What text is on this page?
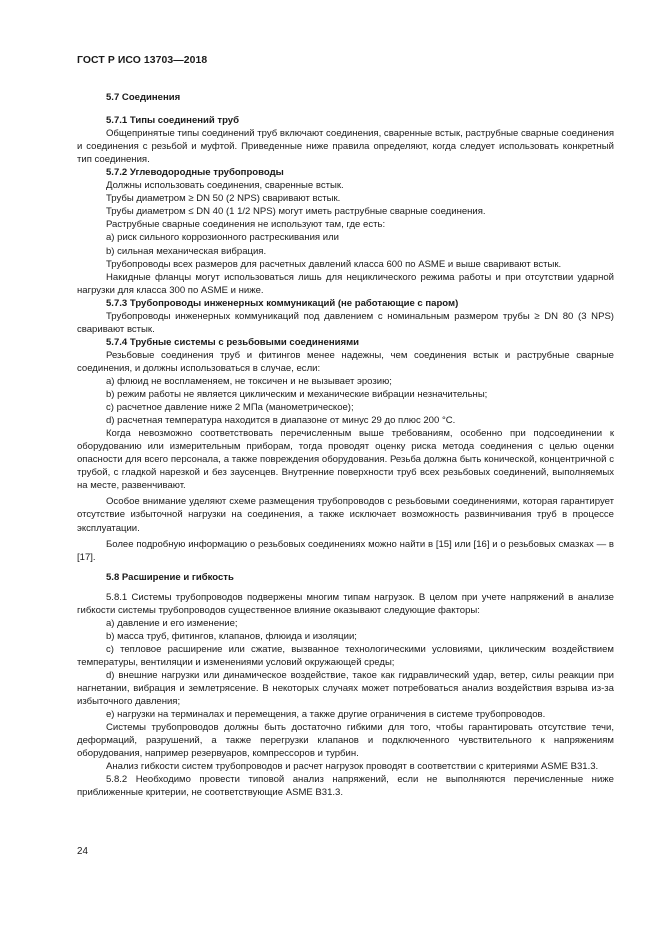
ГОСТ Р ИСО 13703—2018

5.7 Соединения

5.7.1 Типы соединений труб

Общепринятые типы соединений труб включают соединения, сваренные встык, раструбные сварные соединения и соединения с резьбой и муфтой. Приведенные ниже правила определяют, когда следует использовать конкретный тип соединения.

5.7.2 Углеводородные трубопроводы

Должны использовать соединения, сваренные встык.

Трубы диаметром ≥ DN 50 (2 NPS) сваривают встык.

Трубы диаметром ≤ DN 40 (1 1/2 NPS) могут иметь раструбные сварные соединения.

Раструбные сварные соединения не используют там, где есть:

a) риск сильного коррозионного растрескивания или

b) сильная механическая вибрация.

Трубопроводы всех размеров для расчетных давлений класса 600 по ASME и выше сваривают встык.

Накидные фланцы могут использоваться лишь для нециклического режима работы и при отсутствии ударной нагрузки для класса 300 по ASME и ниже.

5.7.3 Трубопроводы инженерных коммуникаций (не работающие с паром)

Трубопроводы инженерных коммуникаций под давлением с номинальным размером трубы ≥ DN 80 (3 NPS) сваривают встык.

5.7.4 Трубные системы с резьбовыми соединениями

Резьбовые соединения труб и фитингов менее надежны, чем соединения встык и раструбные сварные соединения, и должны использоваться в случае, если:

a) флюид не воспламеняем, не токсичен и не вызывает эрозию;

b) режим работы не является циклическим и механические вибрации незначительны;

c) расчетное давление ниже 2 МПа (манометрическое);

d) расчетная температура находится в диапазоне от минус 29 до плюс 200 °C.

Когда невозможно соответствовать перечисленным выше требованиям, особенно при подсоединении к оборудованию или измерительным приборам, тогда проводят оценку риска метода соединения с целью оценки опасности для всего персонала, а также повреждения оборудования. Резьба должна быть конической, концентричной с трубой, с гладкой нарезкой и без заусенцев. Внутренние поверхности труб всех резьбовых соединений, выполняемых на месте, развенчивают.

Особое внимание уделяют схеме размещения трубопроводов с резьбовыми соединениями, которая гарантирует отсутствие избыточной нагрузки на соединения, а также исключает возможность развинчивания труб в процессе эксплуатации.

Более подробную информацию о резьбовых соединениях можно найти в [15] или [16] и о резьбовых смазках — в [17].

5.8 Расширение и гибкость

5.8.1 Системы трубопроводов подвержены многим типам нагрузок. В целом при учете напряжений в анализе гибкости системы трубопроводов существенное влияние оказывают следующие факторы:

a) давление и его изменение;

b) масса труб, фитингов, клапанов, флюида и изоляции;

c) тепловое расширение или сжатие, вызванное технологическими условиями, циклическим воздействием температуры, вентиляции и изменениями условий окружающей среды;

d) внешние нагрузки или динамическое воздействие, такое как гидравлический удар, ветер, силы реакции при нагнетании, вибрация и землетрясение. В некоторых случаях может потребоваться анализ воздействия взрыва из-за избыточного давления;

e) нагрузки на терминалах и перемещения, а также другие ограничения в системе трубопроводов.

Системы трубопроводов должны быть достаточно гибкими для того, чтобы гарантировать отсутствие течи, деформаций, разрушений, а также перегрузки клапанов и подключенного чувствительного к напряжениям оборудования, например резервуаров, компрессоров и турбин.

Анализ гибкости систем трубопроводов и расчет нагрузок проводят в соответствии с критериями ASME B31.3.

5.8.2 Необходимо провести типовой анализ напряжений, если не выполняются перечисленные ниже приближенные критерии, не соответствующие ASME B31.3.

24
